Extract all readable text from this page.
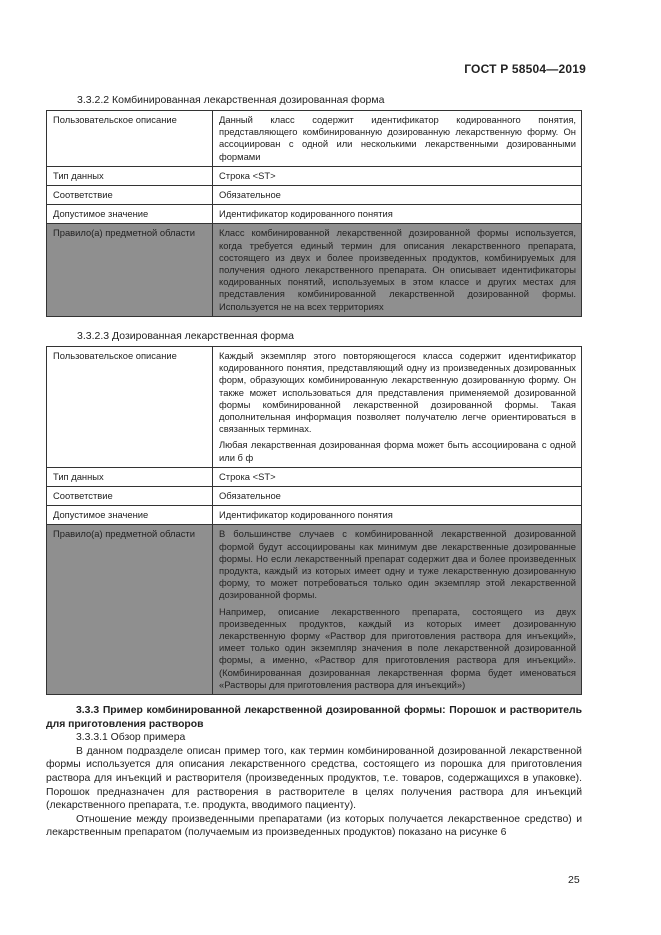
ГОСТ Р 58504—2019
3.3.2.2 Комбинированная лекарственная дозированная форма
Пользовательское описание	Данный класс содержит идентификатор кодированного понятия, представляющего комбинированную дозированную лекарственную форму. Он ассоциирован с одной или несколькими лекарственными дозированными формами

Тип данных	Строка <ST>

Соответствие	Обязательное

Допустимое значение	Идентификатор кодированного понятия

Правило(а) предметной области	Класс комбинированной лекарственной дозированной формы используется, когда требуется единый термин для описания лекарственного препарата, состоящего из двух и более произведенных продуктов, комбинируемых для получения одного лекарственного препарата. Он описывает идентификаторы кодированных понятий, используемых в этом классе и других местах для представления комбинированной лекарственной дозированной формы. Используется не на всех территориях

3.3.2.3 Дозированная лекарственная форма
Пользовательское описание	Каждый экземпляр этого повторяющегося класса содержит идентификатор кодированного понятия, представляющий одну из произведенных дозированных форм, образующих комбинированную лекарственную дозированную форму. Он также может использоваться для представления применяемой дозированной формы комбинированной лекарственной дозированной формы. Такая дополнительная информация позволяет получателю легче ориентироваться в связанных терминах.

Любая лекарственная дозированная форма может быть ассоциирована с одной или б ф

Тип данных	Строка <ST>

Соответствие	Обязательное

Допустимое значение	Идентификатор кодированного понятия

Правило(а) предметной области	В большинстве случаев с комбинированной лекарственной дозированной формой будут ассоциированы как минимум две лекарственные дозированные формы. Но если лекарственный препарат содержит два и более произведенных продукта, каждый из которых имеет одну и туже лекарственную дозированную форму, то может потребоваться только один экземпляр этой лекарственной дозированной формы.

Например, описание лекарственного препарата, состоящего из двух произведенных продуктов, каждый из которых имеет дозированную лекарственную форму «Раствор для приготовления раствора для инъекций», имеет только один экземпляр значения в поле лекарственной дозированной формы, а именно, «Раствор для приготовления раствора для инъекций». (Комбинированная дозированная лекарственная форма будет именоваться «Растворы для приготовления раствора для инъекций»)

3.3.3 Пример комбинированной лекарственной дозированной формы: Порошок и растворитель для приготовления растворов

3.3.3.1 Обзор примера

В данном подразделе описан пример того, как термин комбинированной дозированной лекарственной формы используется для описания лекарственного средства, состоящего из порошка для приготовления раствора для инъекций и растворителя (произведенных продуктов, т.е. товаров, содержащихся в упаковке). Порошок предназначен для растворения в растворителе в целях получения раствора для инъекций (лекарственного препарата, т.е. продукта, вводимого пациенту).

Отношение между произведенными препаратами (из которых получается лекарственное средство) и лекарственным препаратом (получаемым из произведенных продуктов) показано на рисунке 6

25
